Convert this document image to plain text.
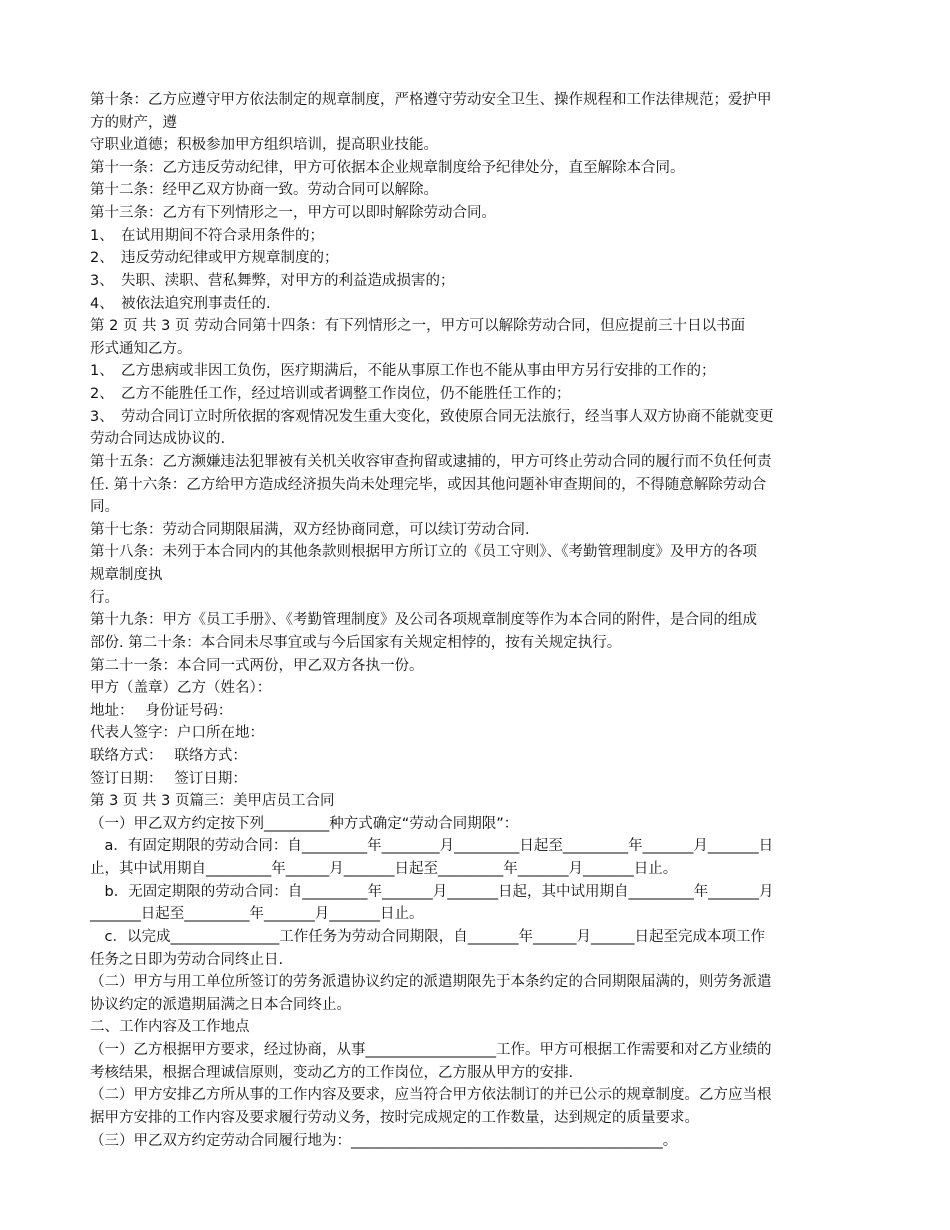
第十条：乙方应遵守甲方依法制定的规章制度，严格遵守劳动安全卫生、操作规程和工作法律规范；爱护甲
方的财产，遵
守职业道德；积极参加甲方组织培训，提高职业技能。
第十一条：乙方违反劳动纪律，甲方可依据本企业规章制度给予纪律处分，直至解除本合同。
第十二条：经甲乙双方协商一致。劳动合同可以解除。
第十三条：乙方有下列情形之一，甲方可以即时解除劳动合同。
1、　在试用期间不符合录用条件的；
2、　违反劳动纪律或甲方规章制度的；
3、　失职、渎职、营私舞弊，对甲方的利益造成损害的；
4、　被依法追究刑事责任的.
第 2 页 共 3 页 劳动合同第十四条：有下列情形之一，甲方可以解除劳动合同，但应提前三十日以书面
形式通知乙方。
1、　乙方患病或非因工负伤，医疗期满后，不能从事原工作也不能从事由甲方另行安排的工作的；
2、　乙方不能胜任工作，经过培训或者调整工作岗位，仍不能胜任工作的；
3、　劳动合同订立时所依据的客观情况发生重大变化，致使原合同无法旅行，经当事人双方协商不能就变更
劳动合同达成协议的.
第十五条：乙方濒嫌违法犯罪被有关机关收容审查拘留或逮捕的，甲方可终止劳动合同的履行而不负任何责
任. 第十六条：乙方给甲方造成经济损失尚未处理完毕，或因其他问题补审查期间的，不得随意解除劳动合
同。
第十七条：劳动合同期限届满，双方经协商同意，可以续订劳动合同.
第十八条：未列于本合同内的其他条款则根据甲方所订立的《员工守则》、《考勤管理制度》及甲方的各项
规章制度执
行。
第十九条：甲方《员工手册》、《考勤管理制度》及公司各项规章制度等作为本合同的附件，是合同的组成
部份. 第二十条：本合同未尽事宜或与今后国家有关规定相悖的，按有关规定执行。
第二十一条：本合同一式两份，甲乙双方各执一份。
甲方（盖章）乙方（姓名）：
地址：　 身份证号码：
代表人签字：户口所在地：
联络方式：　 联络方式：
签订日期：　 签订日期：
第 3 页 共 3 页篇三：美甲店员工合同
（一）甲乙双方约定按下列_________种方式确定“劳动合同期限”：
　a．有固定期限的劳动合同：自_________年________月_________日起至_________年_______月_______日
止，其中试用期自_________年______月_______日起至_________年_______月_______日止。
　b．无固定期限的劳动合同：自_________年_______月_______日起，其中试用期自_________年_______月
_______日起至_________年_______月_______日止。
　c．以完成_______________工作任务为劳动合同期限，自_______年______月______日起至完成本项工作
任务之日即为劳动合同终止日.
（二）甲方与用工单位所签订的劳务派遣协议约定的派遣期限先于本条约定的合同期限届满的，则劳务派遣
协议约定的派遣期届满之日本合同终止。
二、工作内容及工作地点
（一）乙方根据甲方要求，经过协商，从事__________________工作。甲方可根据工作需要和对乙方业绩的
考核结果，根据合理诚信原则，变动乙方的工作岗位，乙方服从甲方的安排.
（二）甲方安排乙方所从事的工作内容及要求，应当符合甲方依法制订的并已公示的规章制度。乙方应当根
据甲方安排的工作内容及要求履行劳动义务，按时完成规定的工作数量，达到规定的质量要求。
（三）甲乙双方约定劳动合同履行地为：___________________________________________。
